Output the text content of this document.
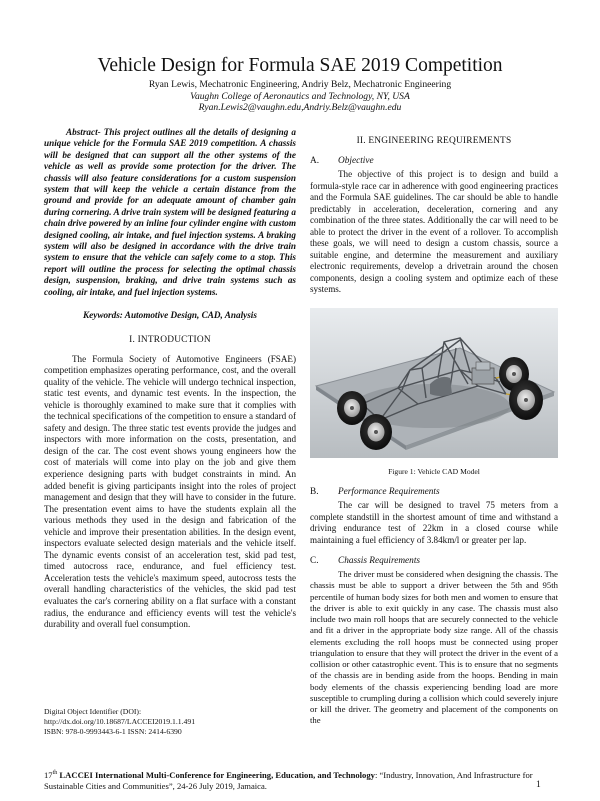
Vehicle Design for Formula SAE 2019 Competition
Ryan Lewis, Mechatronic Engineering, Andriy Belz, Mechatronic Engineering
Vaughn College of Aeronautics and Technology, NY, USA
Ryan.Lewis2@vaughn.edu,Andriy.Belz@vaughn.edu

Abstract- This project outlines all the details of designing a unique vehicle for the Formula SAE 2019 competition. A chassis will be designed that can support all the other systems of the vehicle as well as provide some protection for the driver. The chassis will also feature considerations for a custom suspension system that will keep the vehicle a certain distance from the ground and provide for an adequate amount of chamber gain during cornering. A drive train system will be designed featuring a chain drive powered by an inline four cylinder engine with custom designed cooling, air intake, and fuel injection systems. A braking system will also be designed in accordance with the drive train system to ensure that the vehicle can safely come to a stop. This report will outline the process for selecting the optimal chassis design, suspension, braking, and drive train systems such as cooling, air intake, and fuel injection systems.

Keywords: Automotive Design, CAD, Analysis

I. INTRODUCTION

The Formula Society of Automotive Engineers (FSAE) competition emphasizes operating performance, cost, and the overall quality of the vehicle. The vehicle will undergo technical inspection, static test events, and dynamic test events. In the inspection, the vehicle is thoroughly examined to make sure that it complies with the technical specifications of the competition to ensure a standard of safety and design. The three static test events provide the judges and inspectors with more information on the costs, presentation, and design of the car. The cost event shows young engineers how the cost of materials will come into play on the job and give them experience designing parts with budget constraints in mind. An added benefit is giving participants insight into the roles of project management and design that they will have to consider in the future. The presentation event aims to have the students explain all the various methods they used in the design and fabrication of the vehicle and improve their presentation abilities. In the design event, inspectors evaluate selected design materials and the vehicle itself. The dynamic events consist of an acceleration test, skid pad test, timed autocross race, endurance, and fuel efficiency test. Acceleration tests the vehicle's maximum speed, autocross tests the overall handling characteristics of the vehicles, the skid pad test evaluates the car's cornering ability on a flat surface with a constant radius, the endurance and efficiency events will test the vehicle's durability and overall fuel consumption.

Digital Object Identifier (DOI):
http://dx.doi.org/10.18687/LACCEI2019.1.1.491
ISBN: 978-0-9993443-6-1 ISSN: 2414-6390
II. ENGINEERING REQUIREMENTS
A.	Objective

The objective of this project is to design and build a formula-style race car in adherence with good engineering practices and the Formula SAE guidelines. The car should be able to handle predictably in acceleration, deceleration, cornering and any combination of the three states. Additionally the car will need to be able to protect the driver in the event of a rollover. To accomplish these goals, we will need to design a custom chassis, source a suitable engine, and determine the measurement and auxiliary electronic requirements, develop a drivetrain around the chosen components, design a cooling system and optimize each of these systems.

Figure 1: Vehicle CAD Model
B.	Performance Requirements

The car will be designed to travel 75 meters from a complete standstill in the shortest amount of time and withstand a driving endurance test of 22km in a closed course while maintaining a fuel efficiency of 3.84km/l or greater per lap.

C.	Chassis Requirements

The driver must be considered when designing the chassis. The chassis must be able to support a driver between the 5th and 95th percentile of human body sizes for both men and women to ensure that the driver is able to exit quickly in any case. The chassis must also include two main roll hoops that are securely connected to the vehicle and fit a driver in the appropriate body size range. All of the chassis elements excluding the roll hoops must be connected using proper triangulation to ensure that they will protect the driver in the event of a collision or other catastrophic event. This is to ensure that no segments of the chassis are in bending aside from the hoops. Bending in main body elements of the chassis experiencing bending load are more susceptible to crumpling during a collision which could severely injure or kill the driver. The geometry and placement of the components on the

17th LACCEI International Multi-Conference for Engineering, Education, and Technology: “Industry, Innovation, And Infrastructure for Sustainable Cities and Communities”, 24-26 July 2019, Jamaica.	1
